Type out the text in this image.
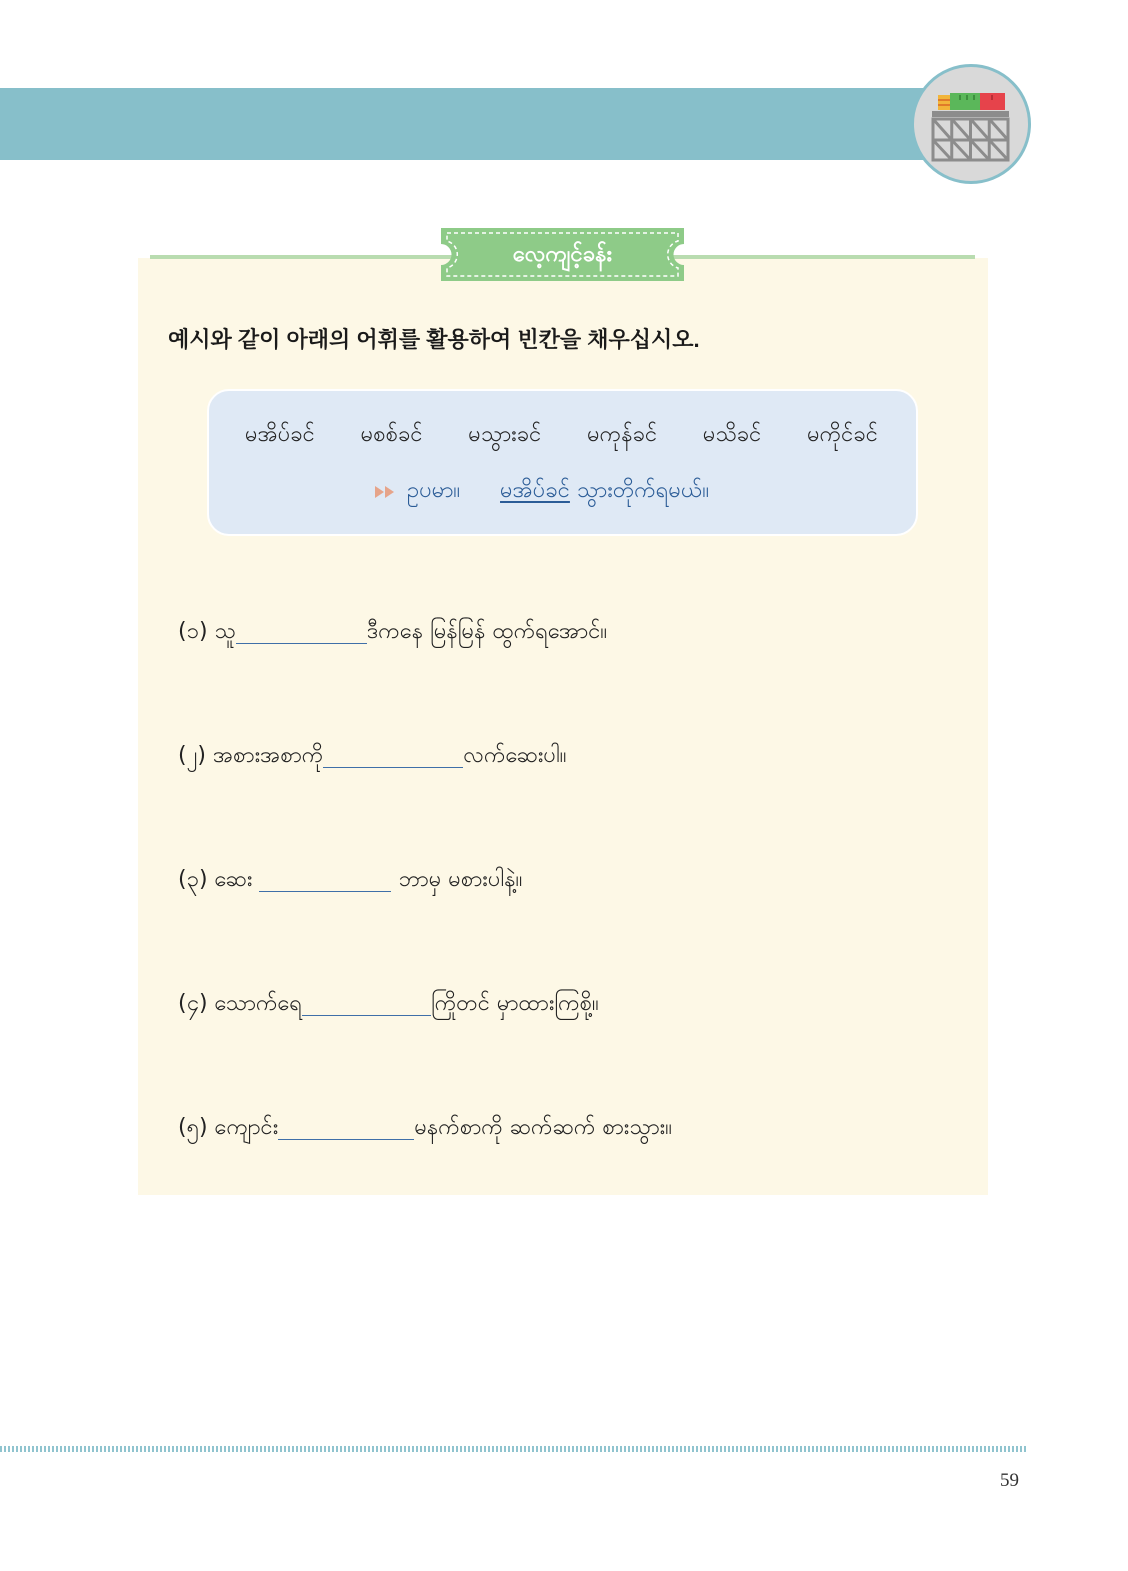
လေ့ကျင့်ခန်း
예시와 같이 아래의 어휘를 활용하여 빈칸을 채우십시오.
မအိပ်ခင် မစစ်ခင် မသွားခင် မကုန်ခင် မသိခင် မကိုင်ခင်
ဥပမာ။ မအိပ်ခင် သွားတိုက်ရမယ်။
(၁) သူ	ဒီကနေ မြန်မြန် ထွက်ရအောင်။
(၂) အစားအစာကို	လက်ဆေးပါ။
(၃) ဆေး	ဘာမှ မစားပါနဲ့။
(၄) သောက်ရေ	ကြိုတင် မှာထားကြစို့။
(၅) ကျောင်း	မနက်စာကို ဆက်ဆက် စားသွား။
59
